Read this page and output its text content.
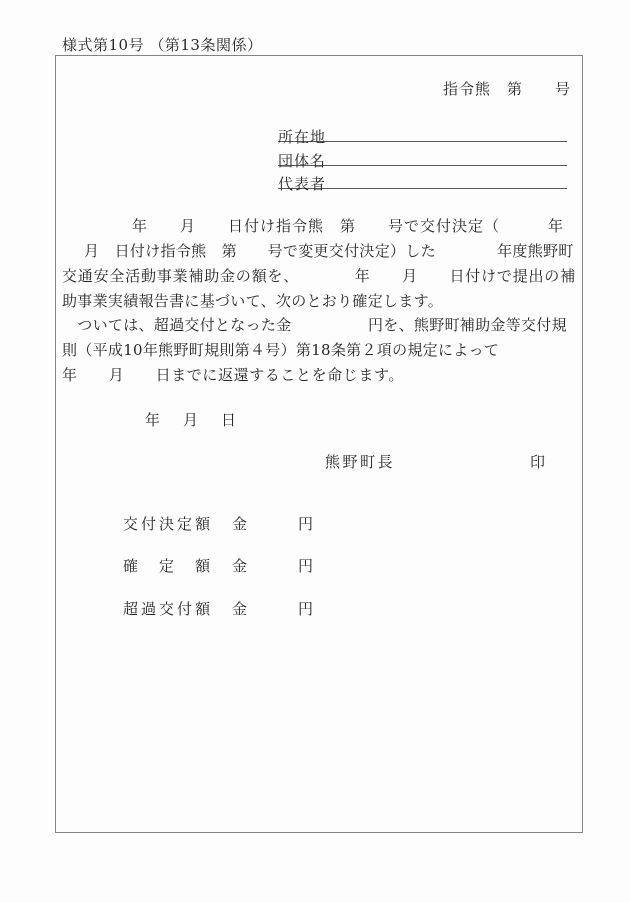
様式第10号 （第13条関係）
指令熊　第　　号
所在地
団体名
代表者
年　　月　　日付け指令熊　第　　号で交付決定（　　　年
月　日付け指令熊　第　　号で変更交付決定）した　　　　年度熊野町
交通安全活動事業補助金の額を、　　　　年　　月　　日付けで提出の補
助事業実績報告書に基づいて、次のとおり確定します。
　ついては、超過交付となった金　　　　　円を、熊野町補助金等交付規
則（平成10年熊野町規則第４号）第18条第２項の規定によって
年　　月　　日までに返還することを命じます。
年　月　日
熊野町長	印
交付決定額 金	円
確　定　額 金	円
超過交付額 金	円
